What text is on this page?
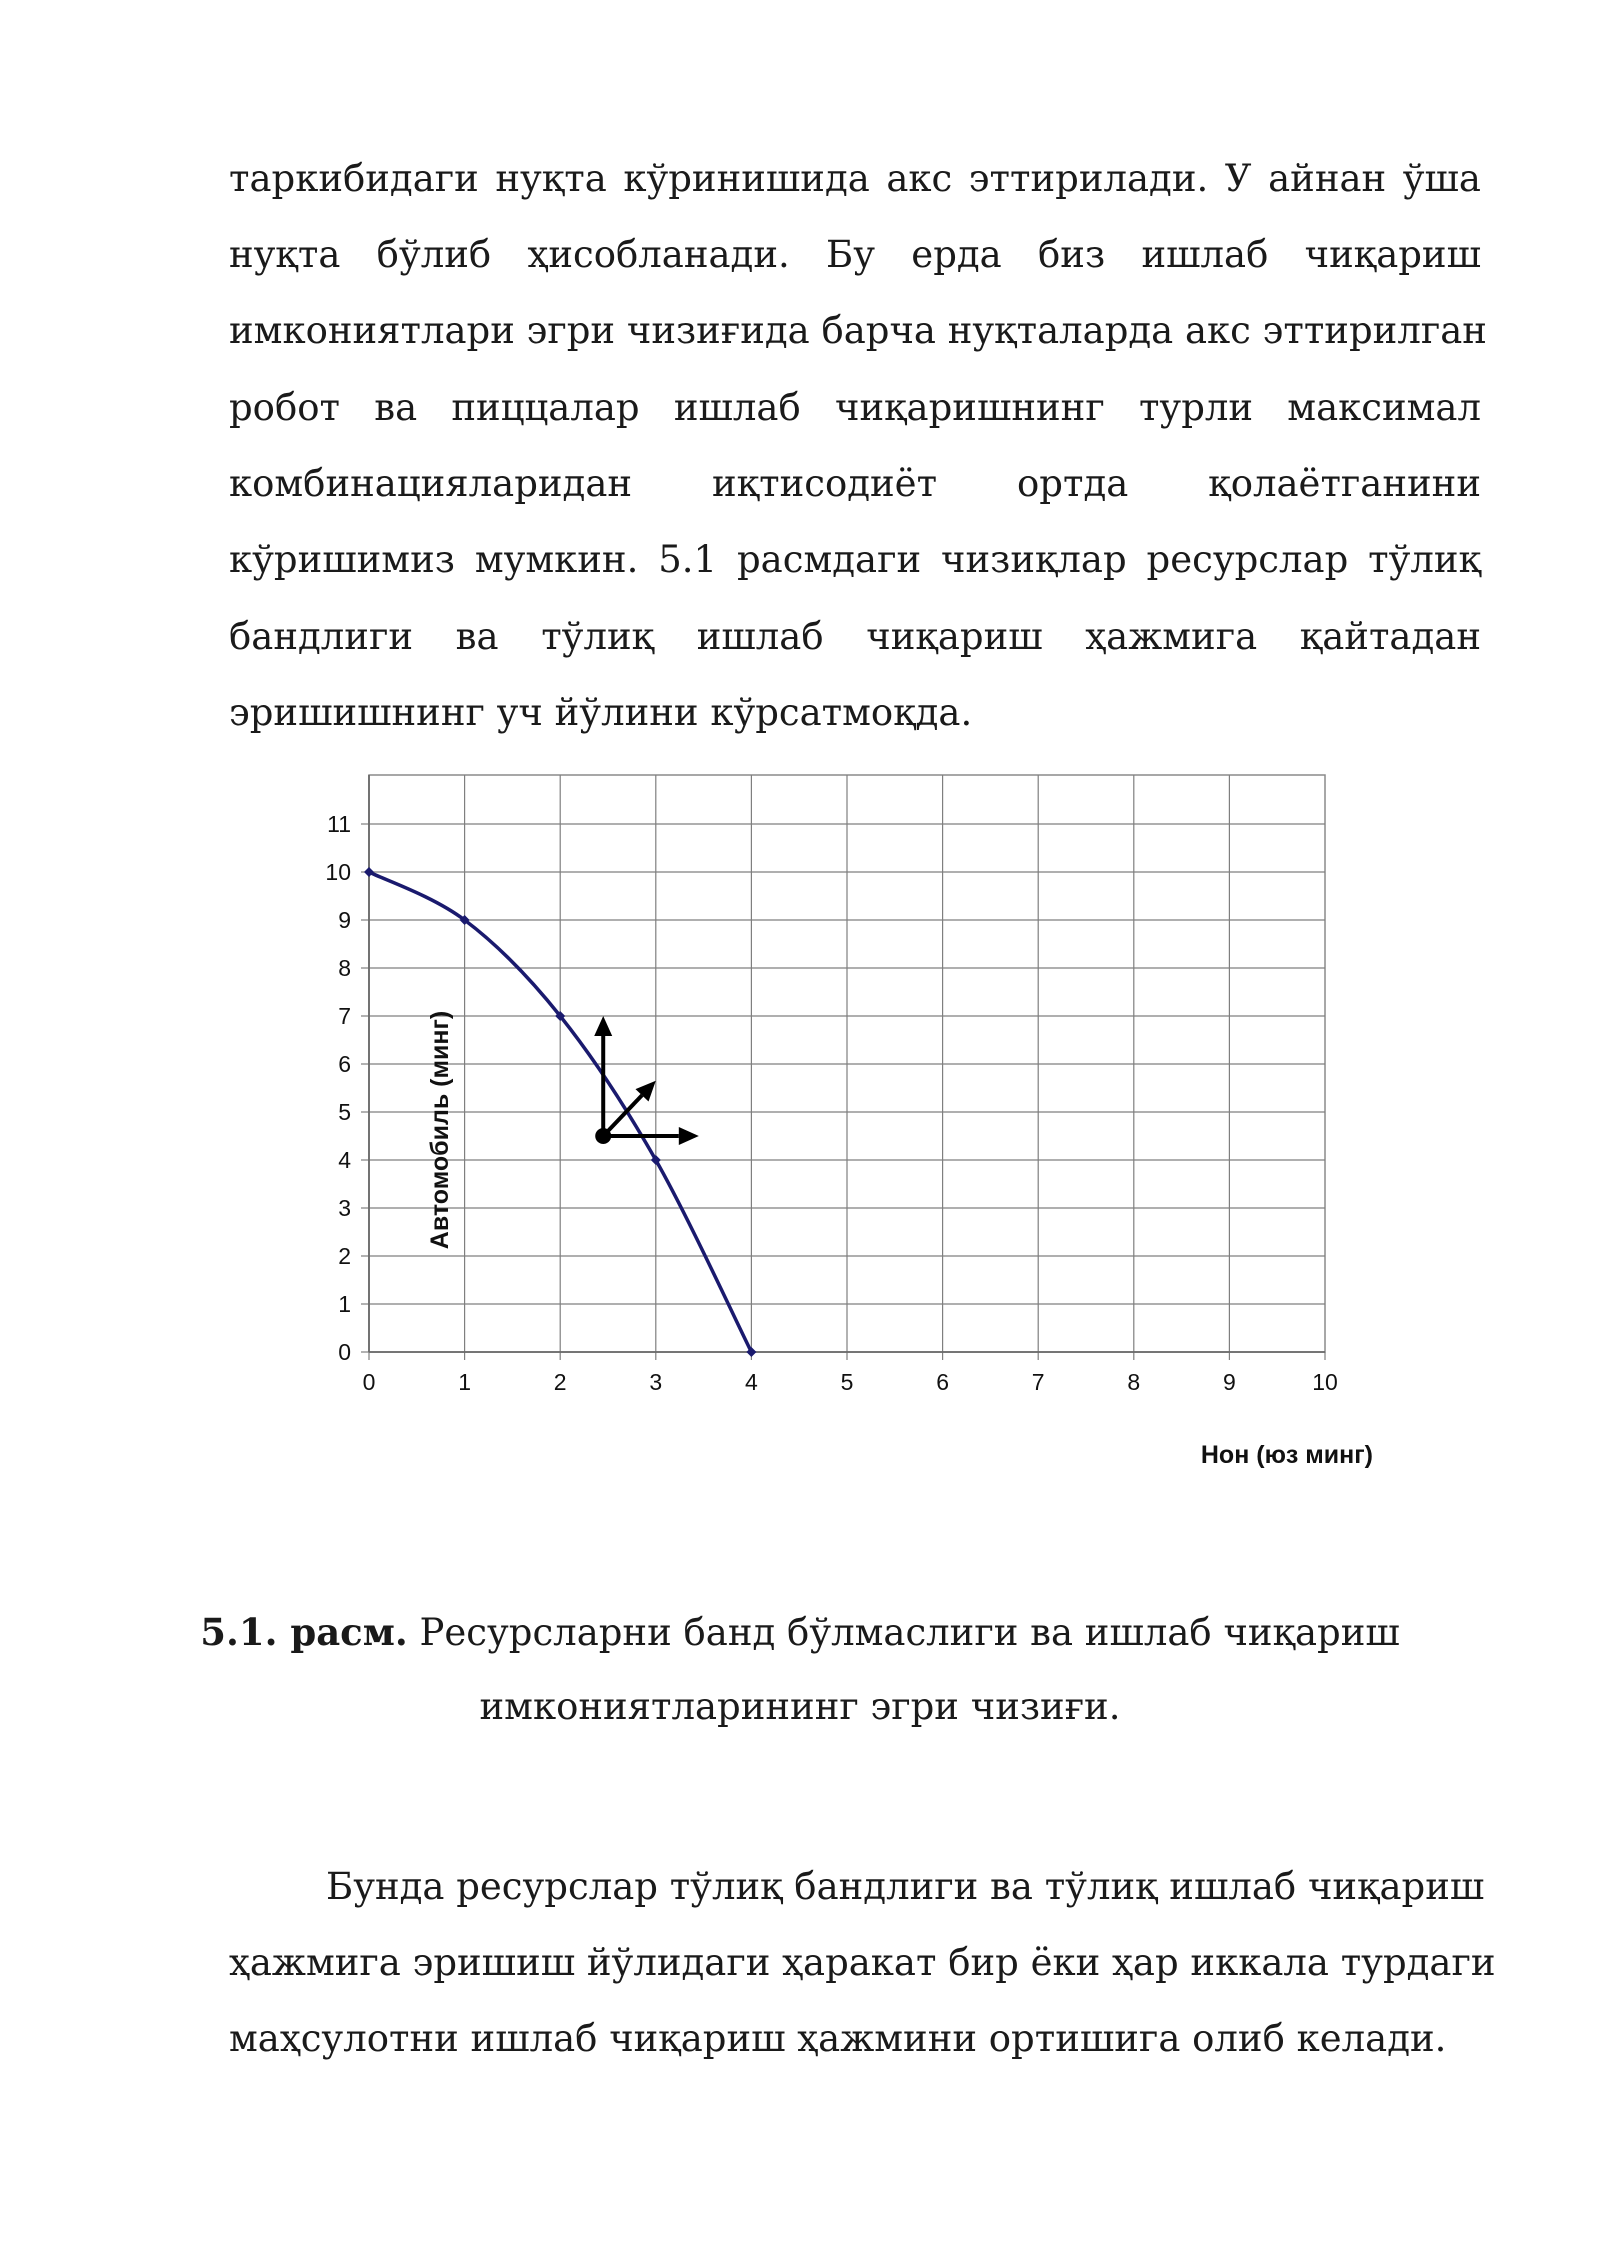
таркибидаги нуқта кўринишида акс эттирилади. У айнан ўша
нуқта бўлиб ҳисобланади. Бу ерда биз ишлаб чиқариш
имкониятлари эгри чизиғида барча нуқталарда акс эттирилган
робот ва пиццалар ишлаб чиқаришнинг турли максимал
комбинацияларидан иқтисодиёт ортда қолаётганини
кўришимиз мумкин. 5.1 расмдаги чизиқлар ресурслар тўлиқ
бандлиги ва тўлиқ ишлаб чиқариш ҳажмига қайтадан
эришишнинг уч йўлини кўрсатмоқда.
0
1
2
3
4
5
6
7
8
9
10
11
0	1	2	3	4	5	6	7	8	9	10
Автомобиль (минг)
Нон (юз минг)
5.1. расм. Ресурсларни банд бўлмаслиги ва ишлаб чиқариш
имкониятларининг эгри чизиғи.
Бунда ресурслар тўлиқ бандлиги ва тўлиқ ишлаб чиқариш
ҳажмига эришиш йўлидаги ҳаракат бир ёки ҳар иккала турдаги
маҳсулотни ишлаб чиқариш ҳажмини ортишига олиб келади.
